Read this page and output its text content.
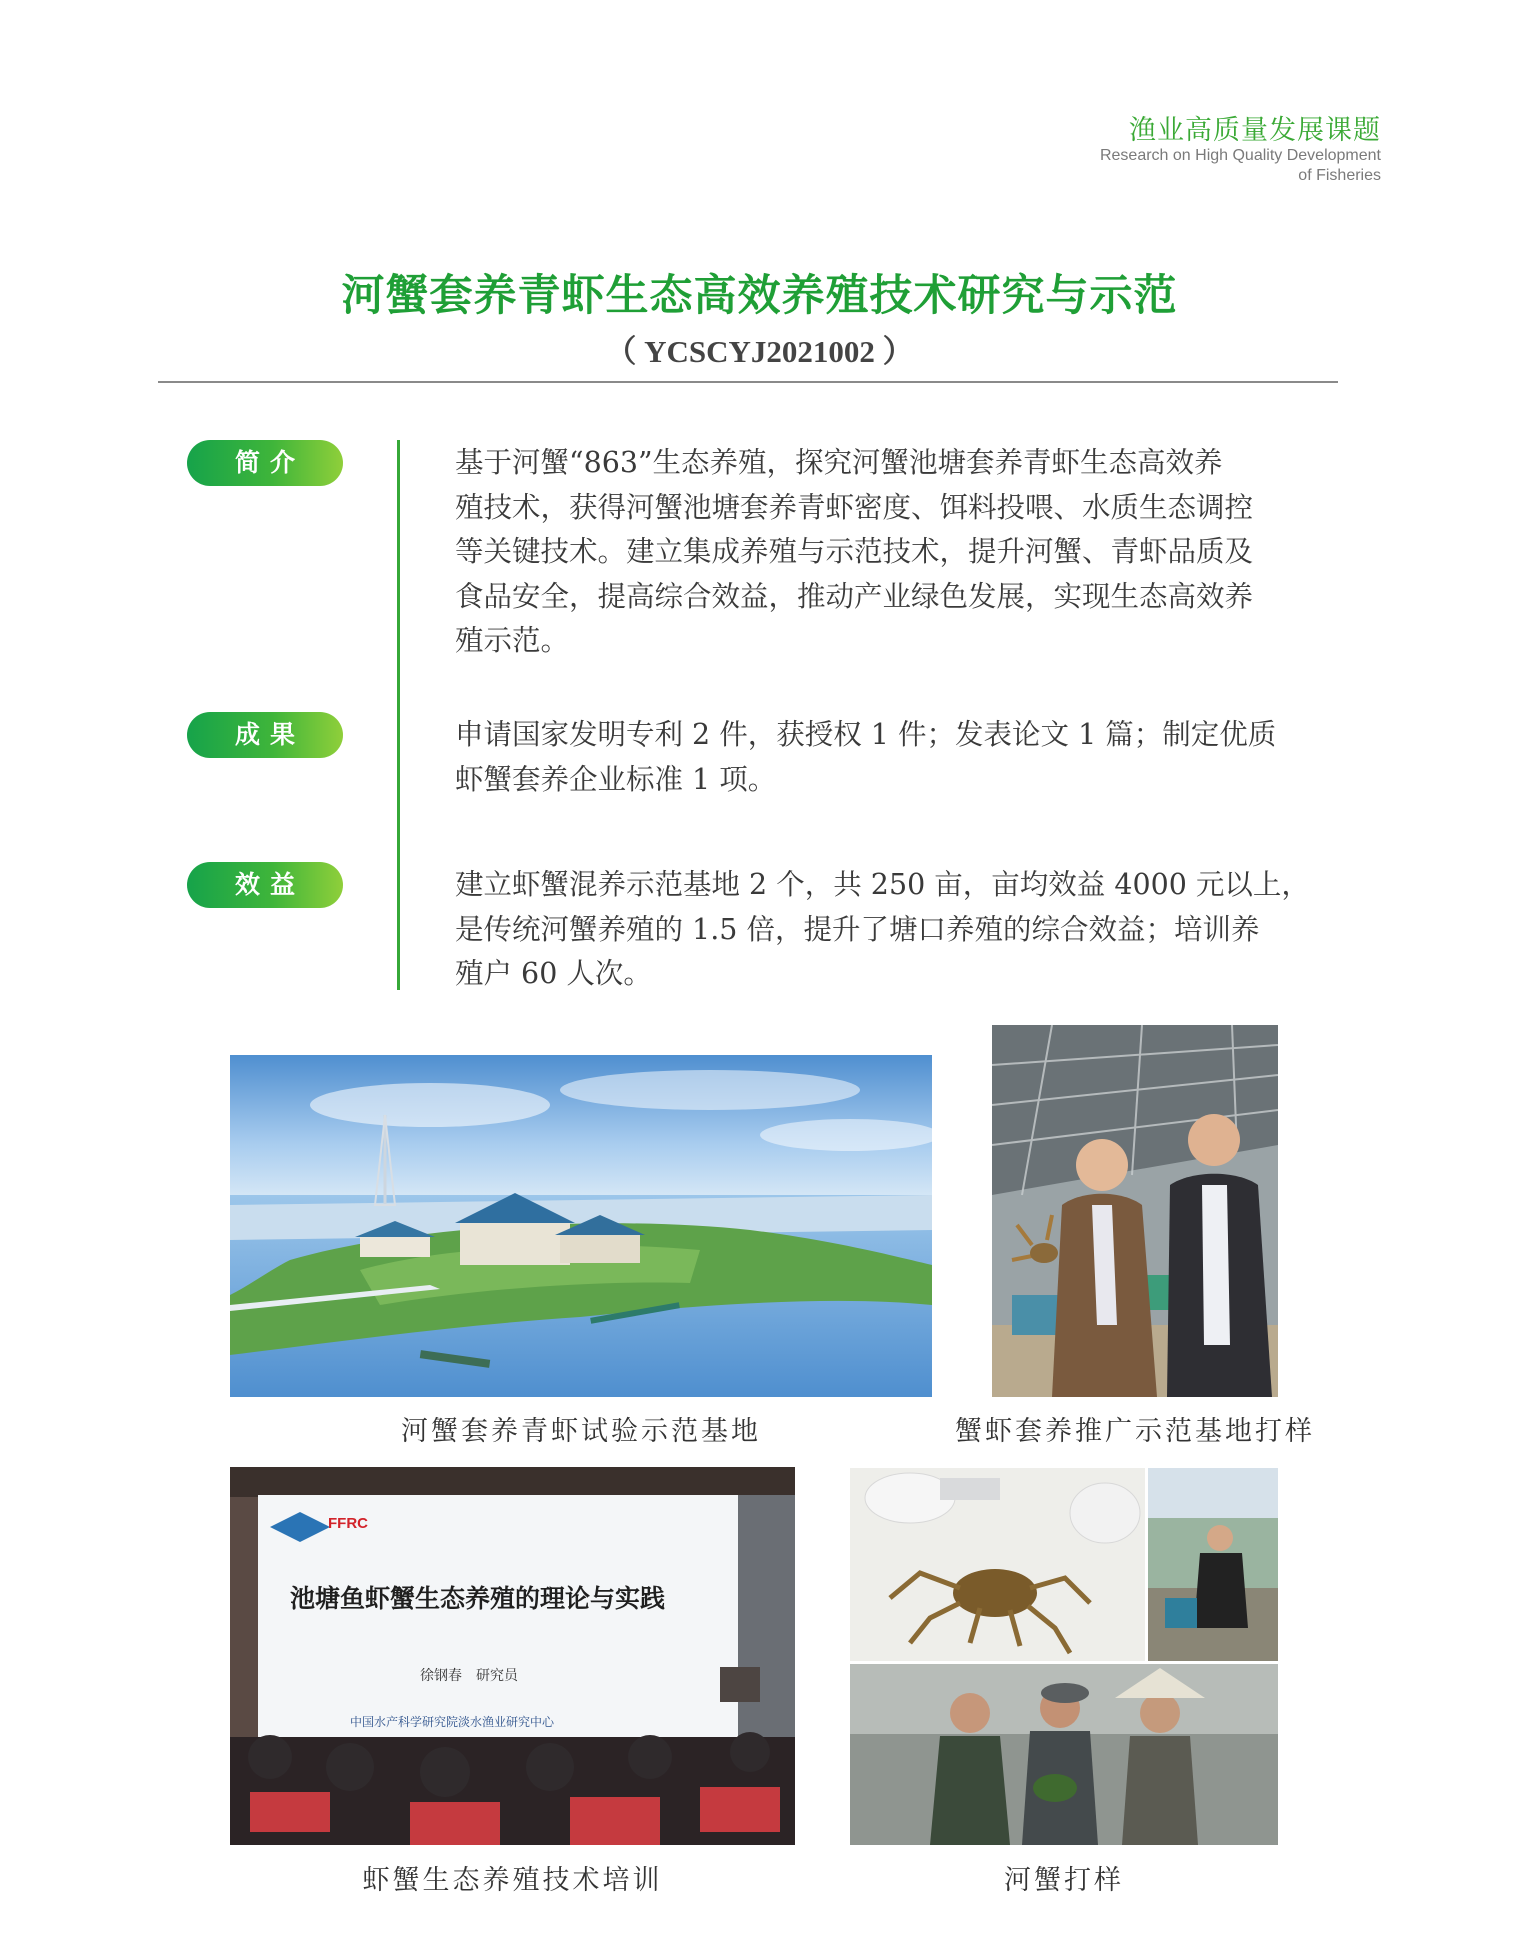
渔业高质量发展课题
Research on High Quality Development
of Fisheries
河蟹套养青虾生态高效养殖技术研究与示范
（ YCSCYJ2021002 ）
简介	基于河蟹“863”生态养殖，探究河蟹池塘套养青虾生态高效养
殖技术，获得河蟹池塘套养青虾密度、饵料投喂、水质生态调控
等关键技术。建立集成养殖与示范技术，提升河蟹、青虾品质及
食品安全，提高综合效益，推动产业绿色发展，实现生态高效养
殖示范。
成果	申请国家发明专利 2 件，获授权 1 件；发表论文 1 篇；制定优质
虾蟹套养企业标准 1 项。
效益	建立虾蟹混养示范基地 2 个，共 250 亩，亩均效益 4000 元以上，
是传统河蟹养殖的 1.5 倍，提升了塘口养殖的综合效益；培训养
殖户 60 人次。
河蟹套养青虾试验示范基地	蟹虾套养推广示范基地打样
FFRC
池塘鱼虾蟹生态养殖的理论与实践
徐钢春　研究员
中国水产科学研究院淡水渔业研究中心
虾蟹生态养殖技术培训	河蟹打样
